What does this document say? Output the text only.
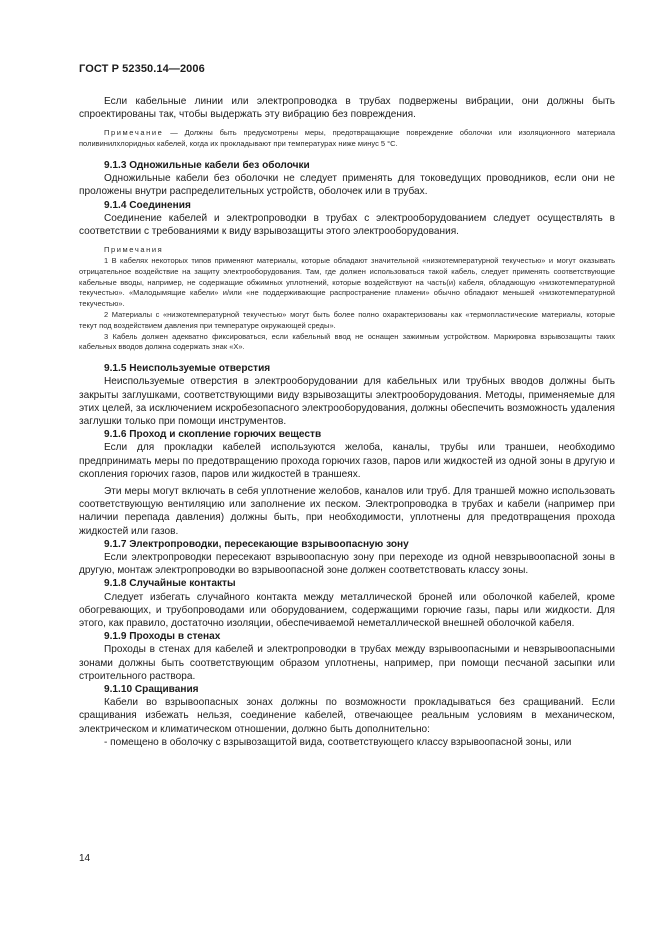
ГОСТ Р 52350.14—2006

Если кабельные линии или электропроводка в трубах подвержены вибрации, они должны быть спроектированы так, чтобы выдержать эту вибрацию без повреждения.

Примечание — Должны быть предусмотрены меры, предотвращающие повреждение оболочки или изоляционного материала поливинилхлоридных кабелей, когда их прокладывают при температурах ниже минус 5 °С.

9.1.3 Одножильные кабели без оболочки

Одножильные кабели без оболочки не следует применять для токоведущих проводников, если они не проложены внутри распределительных устройств, оболочек или в трубах.

9.1.4 Соединения

Соединение кабелей и электропроводки в трубах с электрооборудованием следует осуществлять в соответствии с требованиями к виду взрывозащиты этого электрооборудования.

Примечания

1 В кабелях некоторых типов применяют материалы, которые обладают значительной «низкотемпературной текучестью» и могут оказывать отрицательное воздействие на защиту электрооборудования. Там, где должен использоваться такой кабель, следует применять соответствующие кабельные вводы, например, не содержащие обжимных уплотнений, которые воздействуют на часть(и) кабеля, обладающую «низкотемпературной текучестью». «Малодымящие кабели» и/или «не поддерживающие распространение пламени» обычно обладают меньшей «низкотемпературной текучестью».

2 Материалы с «низкотемпературной текучестью» могут быть более полно охарактеризованы как «термопластические материалы, которые текут под воздействием давления при температуре окружающей среды».

3 Кабель должен адекватно фиксироваться, если кабельный ввод не оснащен зажимным устройством. Маркировка взрывозащиты таких кабельных вводов должна содержать знак «X».

9.1.5 Неиспользуемые отверстия

Неиспользуемые отверстия в электрооборудовании для кабельных или трубных вводов должны быть закрыты заглушками, соответствующими виду взрывозащиты электрооборудования. Методы, применяемые для этих целей, за исключением искробезопасного электрооборудования, должны обеспечить возможность удаления заглушки только при помощи инструментов.

9.1.6 Проход и скопление горючих веществ

Если для прокладки кабелей используются желоба, каналы, трубы или траншеи, необходимо предпринимать меры по предотвращению прохода горючих газов, паров или жидкостей из одной зоны в другую и скопления горючих газов, паров или жидкостей в траншеях.

Эти меры могут включать в себя уплотнение желобов, каналов или труб. Для траншей можно использовать соответствующую вентиляцию или заполнение их песком. Электропроводка в трубах и кабели (например при наличии перепада давления) должны быть, при необходимости, уплотнены для предотвращения прохода жидкостей или газов.

9.1.7 Электропроводки, пересекающие взрывоопасную зону

Если электропроводки пересекают взрывоопасную зону при переходе из одной невзрывоопасной зоны в другую, монтаж электропроводки во взрывоопасной зоне должен соответствовать классу зоны.

9.1.8 Случайные контакты

Следует избегать случайного контакта между металлической броней или оболочкой кабелей, кроме обогревающих, и трубопроводами или оборудованием, содержащими горючие газы, пары или жидкости. Для этого, как правило, достаточно изоляции, обеспечиваемой неметаллической внешней оболочкой кабеля.

9.1.9 Проходы в стенах

Проходы в стенах для кабелей и электропроводки в трубах между взрывоопасными и невзрывоопасными зонами должны быть соответствующим образом уплотнены, например, при помощи песчаной засыпки или строительного раствора.

9.1.10 Сращивания

Кабели во взрывоопасных зонах должны по возможности прокладываться без сращиваний. Если сращивания избежать нельзя, соединение кабелей, отвечающее реальным условиям в механическом, электрическом и климатическом отношении, должно быть дополнительно:

- помещено в оболочку с взрывозащитой вида, соответствующего классу взрывоопасной зоны, или

14
